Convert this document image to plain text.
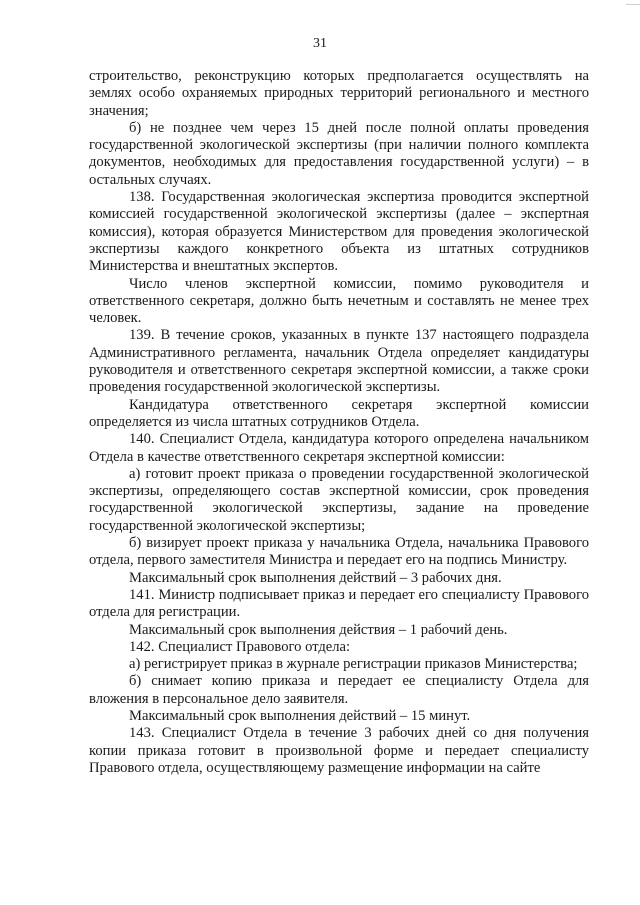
31

строительство, реконструкцию которых предполагается осуществлять на землях особо охраняемых природных территорий регионального и местного значения;

б) не позднее чем через 15 дней после полной оплаты проведения государственной экологической экспертизы (при наличии полного комплекта документов, необходимых для предоставления государственной услуги) – в остальных случаях.

138. Государственная экологическая экспертиза проводится экспертной комиссией государственной экологической экспертизы (далее – экспертная комиссия), которая образуется Министерством для проведения экологической экспертизы каждого конкретного объекта из штатных сотрудников Министерства и внештатных экспертов.

Число членов экспертной комиссии, помимо руководителя и ответственного секретаря, должно быть нечетным и составлять не менее трех человек.

139. В течение сроков, указанных в пункте 137 настоящего подраздела Административного регламента, начальник Отдела определяет кандидатуры руководителя и ответственного секретаря экспертной комиссии, а также сроки проведения государственной экологической экспертизы.

Кандидатура ответственного секретаря экспертной комиссии определяется из числа штатных сотрудников Отдела.

140. Специалист Отдела, кандидатура которого определена начальником Отдела в качестве ответственного секретаря экспертной комиссии:

а) готовит проект приказа о проведении государственной экологической экспертизы, определяющего состав экспертной комиссии, срок проведения государственной экологической экспертизы, задание на проведение государственной экологической экспертизы;

б) визирует проект приказа у начальника Отдела, начальника Правового отдела, первого заместителя Министра и передает его на подпись Министру.

Максимальный срок выполнения действий – 3 рабочих дня.

141. Министр подписывает приказ и передает его специалисту Правового отдела для регистрации.

Максимальный срок выполнения действия – 1 рабочий день.

142. Специалист Правового отдела:

а) регистрирует приказ в журнале регистрации приказов Министерства;

б) снимает копию приказа и передает ее специалисту Отдела для вложения в персональное дело заявителя.

Максимальный срок выполнения действий – 15 минут.

143. Специалист Отдела в течение 3 рабочих дней со дня получения копии приказа готовит в произвольной форме и передает специалисту Правового отдела, осуществляющему размещение информации на сайте
